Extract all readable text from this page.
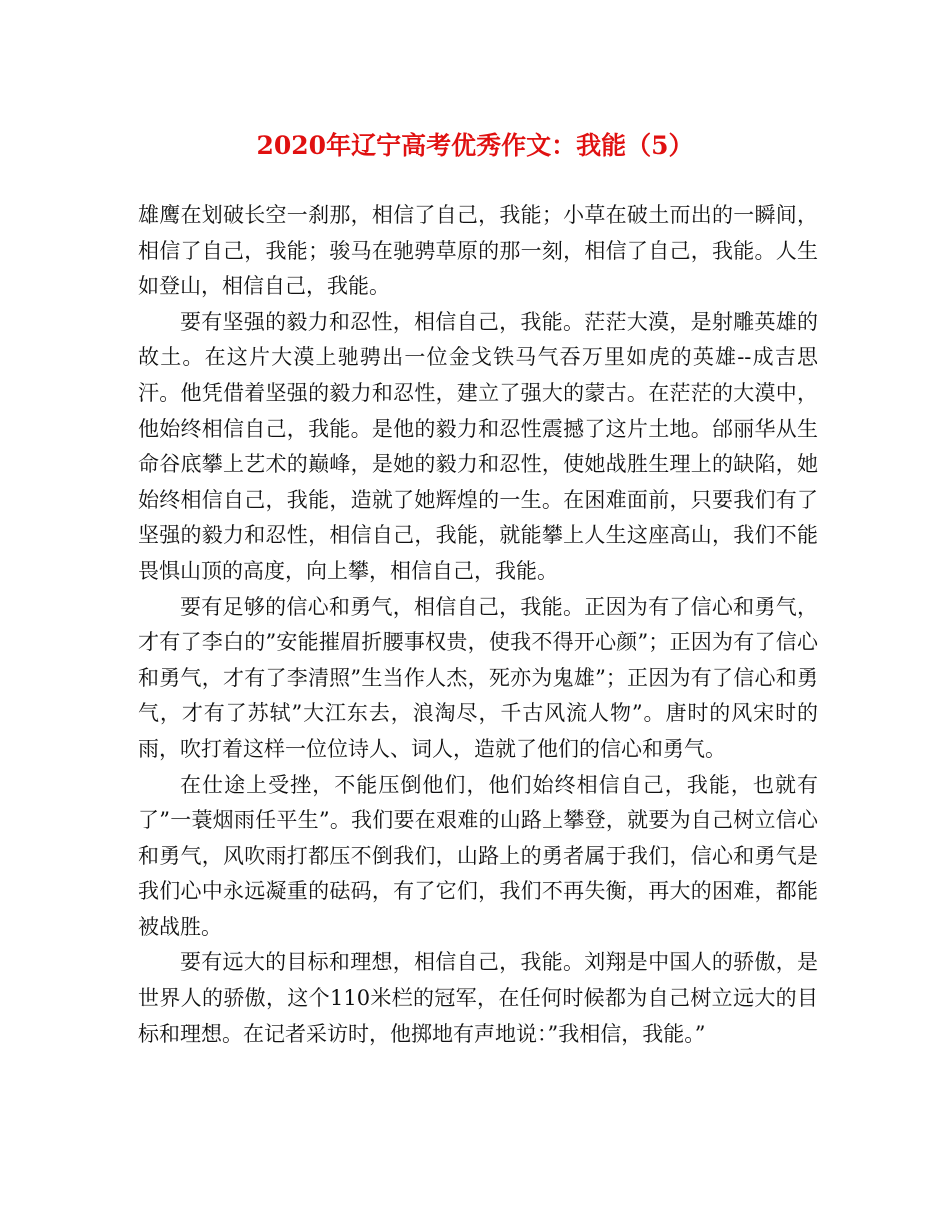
2020年辽宁高考优秀作文：我能（5）

雄鹰在划破长空一刹那，相信了自己，我能；小草在破土而出的一瞬间，相信了自己，我能；骏马在驰骋草原的那一刻，相信了自己，我能。人生如登山，相信自己，我能。

要有坚强的毅力和忍性，相信自己，我能。茫茫大漠，是射雕英雄的故土。在这片大漠上驰骋出一位金戈铁马气吞万里如虎的英雄--成吉思汗。他凭借着坚强的毅力和忍性，建立了强大的蒙古。在茫茫的大漠中，他始终相信自己，我能。是他的毅力和忍性震撼了这片土地。邰丽华从生命谷底攀上艺术的巅峰，是她的毅力和忍性，使她战胜生理上的缺陷，她始终相信自己，我能，造就了她辉煌的一生。在困难面前，只要我们有了坚强的毅力和忍性，相信自己，我能，就能攀上人生这座高山，我们不能畏惧山顶的高度，向上攀，相信自己，我能。

要有足够的信心和勇气，相信自己，我能。正因为有了信心和勇气，才有了李白的”安能摧眉折腰事权贵，使我不得开心颜”；正因为有了信心和勇气，才有了李清照”生当作人杰，死亦为鬼雄”；正因为有了信心和勇气，才有了苏轼”大江东去，浪淘尽，千古风流人物”。唐时的风宋时的雨，吹打着这样一位位诗人、词人，造就了他们的信心和勇气。

在仕途上受挫，不能压倒他们，他们始终相信自己，我能，也就有了”一蓑烟雨任平生”。我们要在艰难的山路上攀登，就要为自己树立信心和勇气，风吹雨打都压不倒我们，山路上的勇者属于我们，信心和勇气是我们心中永远凝重的砝码，有了它们，我们不再失衡，再大的困难，都能被战胜。

要有远大的目标和理想，相信自己，我能。刘翔是中国人的骄傲，是世界人的骄傲，这个110米栏的冠军，在任何时候都为自己树立远大的目标和理想。在记者采访时，他掷地有声地说：”我相信，我能。”
